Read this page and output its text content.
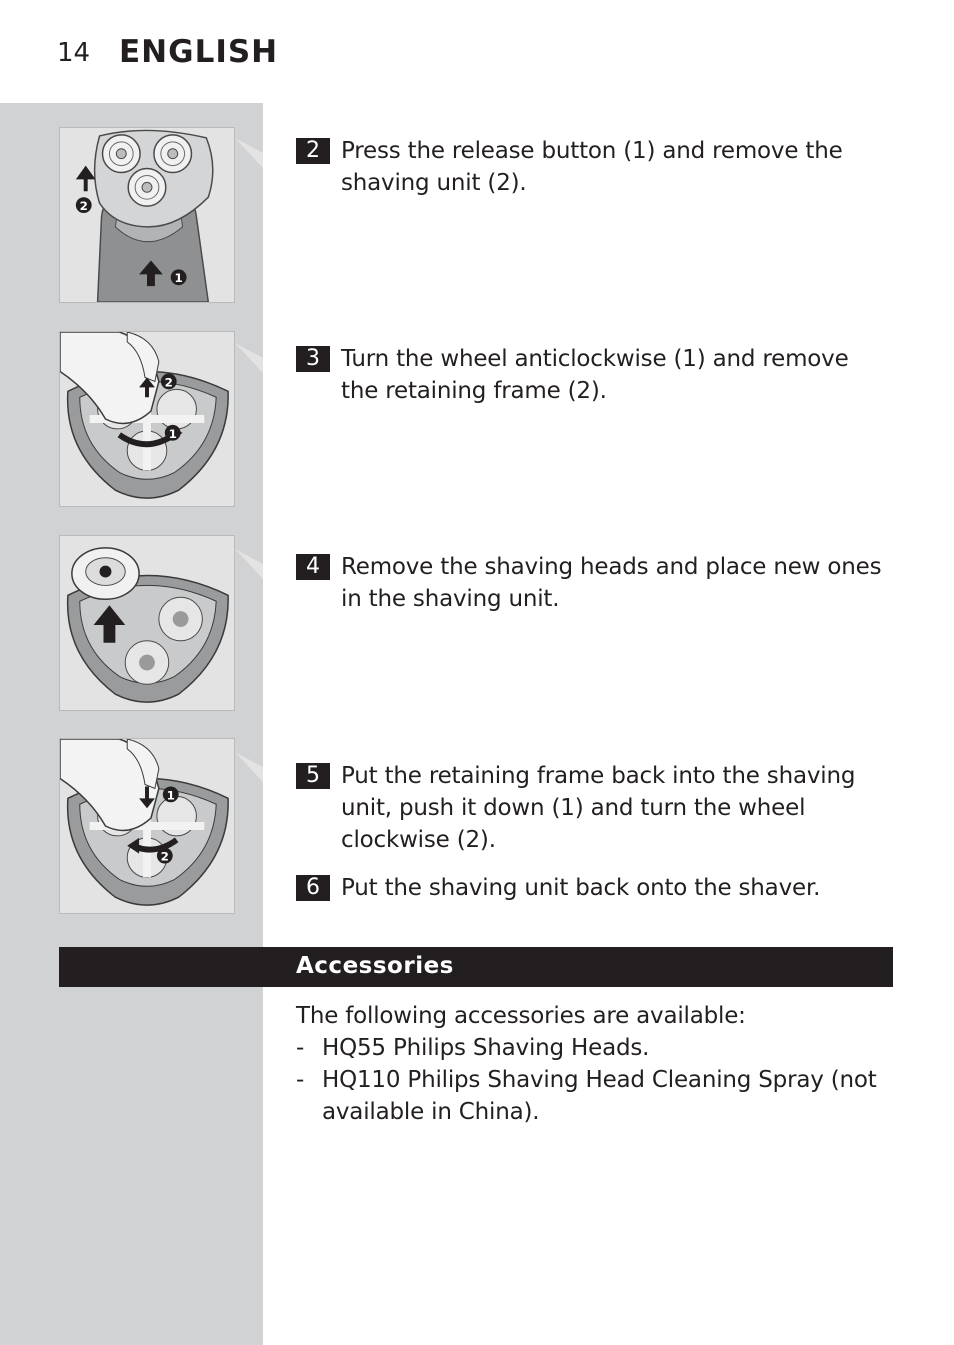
14 ENGLISH
2
1
2 Press the release button (1) and remove the shaving unit (2).
2
1
3 Turn the wheel anticlockwise (1) and remove the retaining frame (2).
4 Remove the shaving heads and place new ones in the shaving unit.
1
2
5 Put the retaining frame back into the shaving unit, push it down (1) and turn the wheel clockwise (2).
6 Put the shaving unit back onto the shaver.
Accessories
The following accessories are available:
- HQ55 Philips Shaving Heads.
- HQ110 Philips Shaving Head Cleaning Spray (not available in China).
